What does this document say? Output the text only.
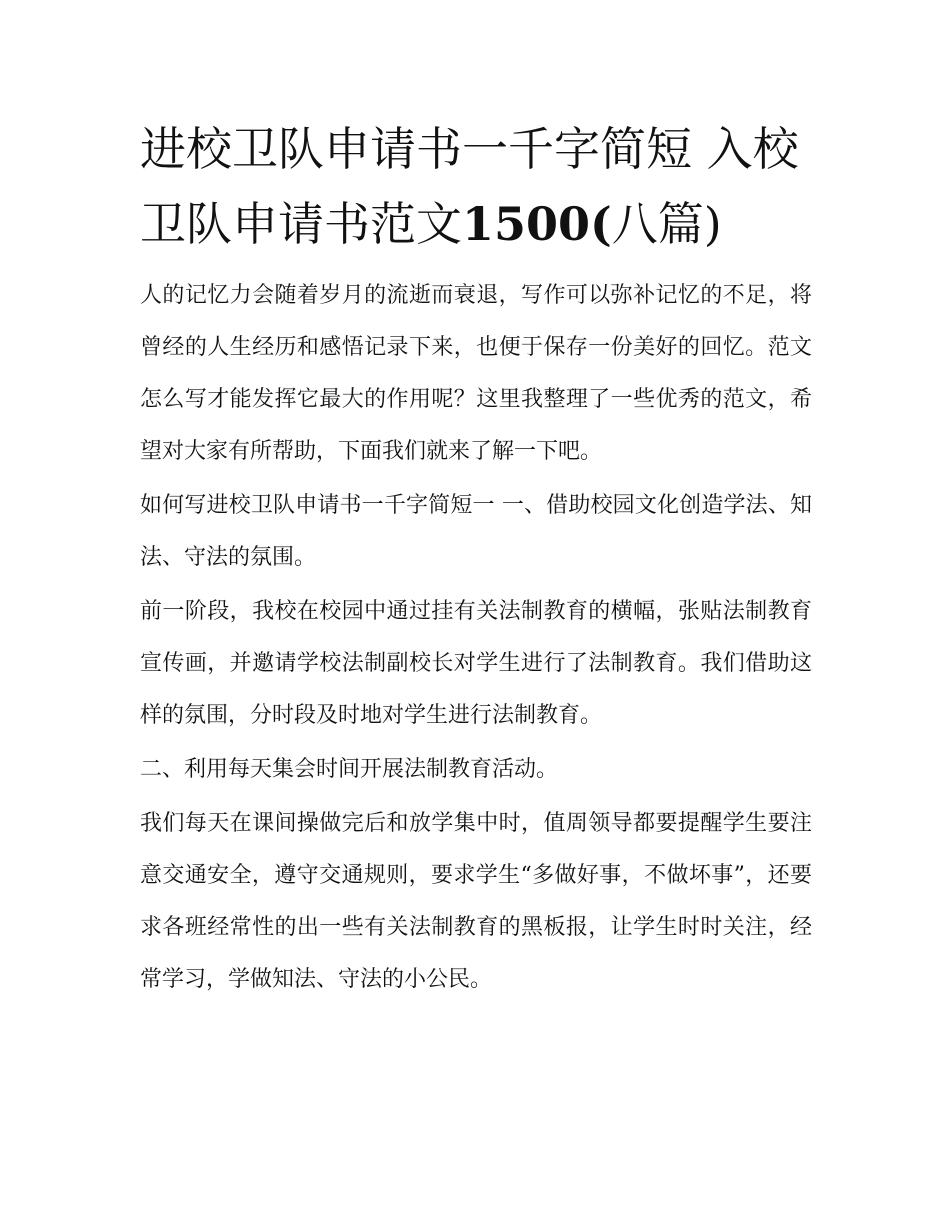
进校卫队申请书一千字简短 入校卫队申请书范文1500(八篇)

人的记忆力会随着岁月的流逝而衰退，写作可以弥补记忆的不足，将曾经的人生经历和感悟记录下来，也便于保存一份美好的回忆。范文怎么写才能发挥它最大的作用呢？这里我整理了一些优秀的范文，希望对大家有所帮助，下面我们就来了解一下吧。

如何写进校卫队申请书一千字简短一 一、借助校园文化创造学法、知法、守法的氛围。

前一阶段，我校在校园中通过挂有关法制教育的横幅，张贴法制教育宣传画，并邀请学校法制副校长对学生进行了法制教育。我们借助这样的氛围，分时段及时地对学生进行法制教育。

二、利用每天集会时间开展法制教育活动。

我们每天在课间操做完后和放学集中时，值周领导都要提醒学生要注意交通安全，遵守交通规则，要求学生“多做好事，不做坏事”，还要求各班经常性的出一些有关法制教育的黑板报，让学生时时关注，经常学习，学做知法、守法的小公民。
